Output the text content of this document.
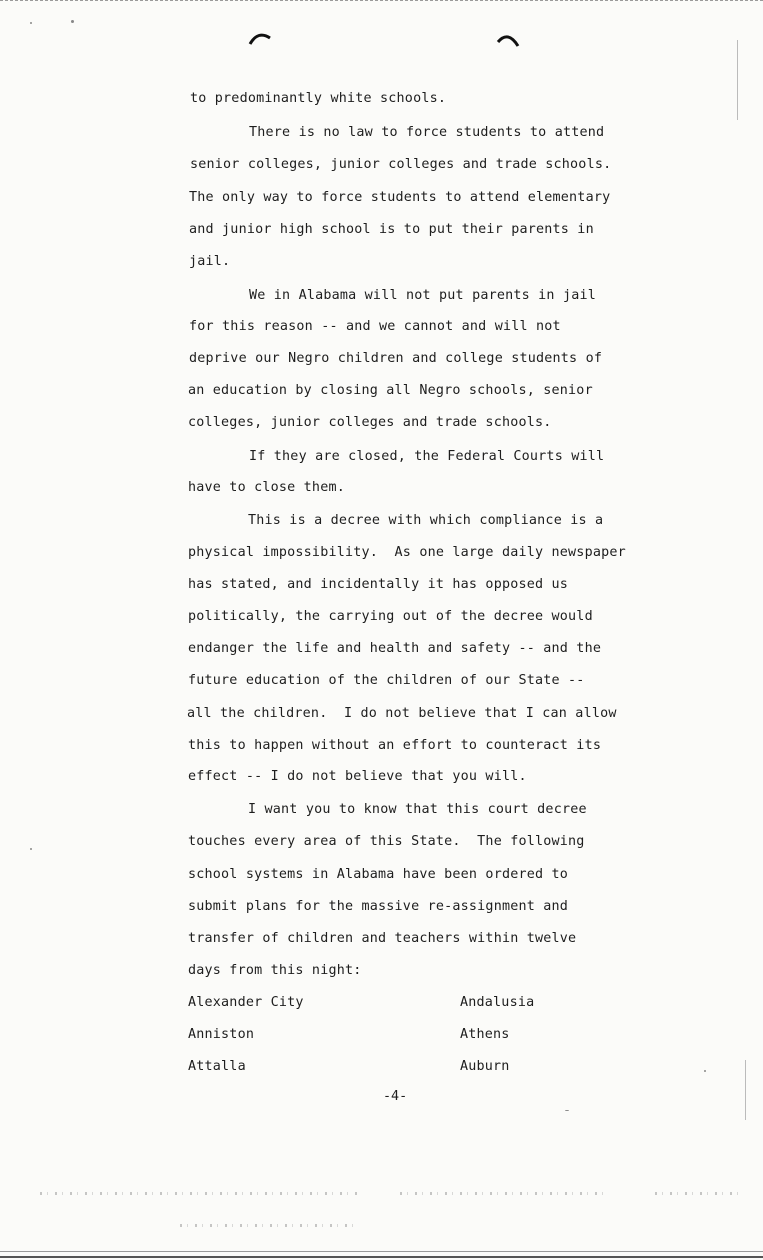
to predominantly white schools.
There is no law to force students to attend
senior colleges, junior colleges and trade schools.
The only way to force students to attend elementary
and junior high school is to put their parents in
jail.
We in Alabama will not put parents in jail
for this reason -- and we cannot and will not
deprive our Negro children and college students of
an education by closing all Negro schools, senior
colleges, junior colleges and trade schools.
If they are closed, the Federal Courts will
have to close them.
This is a decree with which compliance is a
physical impossibility.  As one large daily newspaper
has stated, and incidentally it has opposed us
politically, the carrying out of the decree would
endanger the life and health and safety -- and the
future education of the children of our State --
all the children.  I do not believe that I can allow
this to happen without an effort to counteract its
effect -- I do not believe that you will.
I want you to know that this court decree
touches every area of this State.  The following
school systems in Alabama have been ordered to
submit plans for the massive re-assignment and
transfer of children and teachers within twelve
days from this night:
Alexander City	Andalusia
Anniston	Athens
Attalla	Auburn
-4-
